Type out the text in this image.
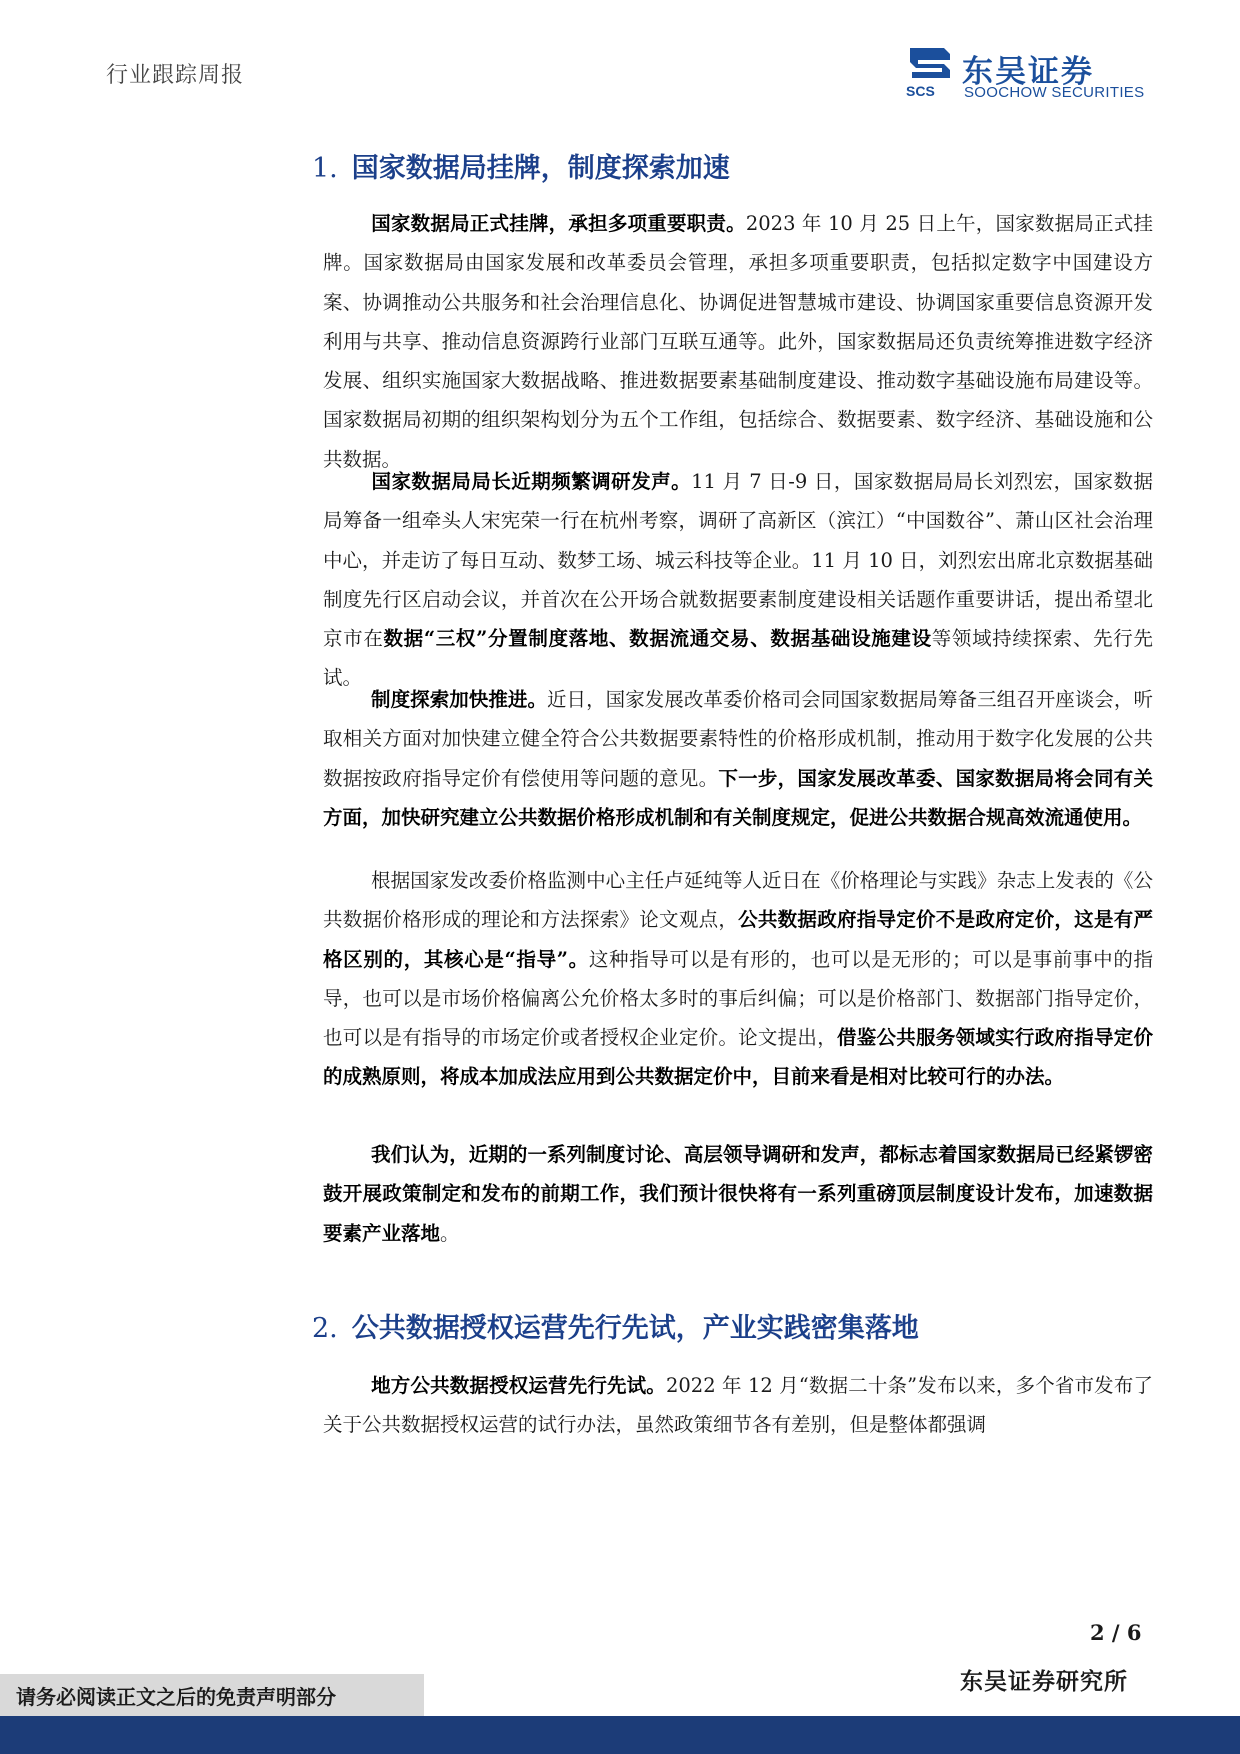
行业跟踪周报
SCS
东吴证券
SOOCHOW SECURITIES
1. 国家数据局挂牌，制度探索加速

国家数据局正式挂牌，承担多项重要职责。2023 年 10 月 25 日上午，国家数据局正式挂牌。国家数据局由国家发展和改革委员会管理，承担多项重要职责，包括拟定数字中国建设方案、协调推动公共服务和社会治理信息化、协调促进智慧城市建设、协调国家重要信息资源开发利用与共享、推动信息资源跨行业部门互联互通等。此外，国家数据局还负责统筹推进数字经济发展、组织实施国家大数据战略、推进数据要素基础制度建设、推动数字基础设施布局建设等。国家数据局初期的组织架构划分为五个工作组，包括综合、数据要素、数字经济、基础设施和公共数据。

国家数据局局长近期频繁调研发声。11 月 7 日-9 日，国家数据局局长刘烈宏，国家数据局筹备一组牵头人宋宪荣一行在杭州考察，调研了高新区（滨江）“中国数谷”、萧山区社会治理中心，并走访了每日互动、数梦工场、城云科技等企业。11 月 10 日，刘烈宏出席北京数据基础制度先行区启动会议，并首次在公开场合就数据要素制度建设相关话题作重要讲话，提出希望北京市在数据“三权”分置制度落地、数据流通交易、数据基础设施建设等领域持续探索、先行先试。

制度探索加快推进。近日，国家发展改革委价格司会同国家数据局筹备三组召开座谈会，听取相关方面对加快建立健全符合公共数据要素特性的价格形成机制，推动用于数字化发展的公共数据按政府指导定价有偿使用等问题的意见。下一步，国家发展改革委、国家数据局将会同有关方面，加快研究建立公共数据价格形成机制和有关制度规定，促进公共数据合规高效流通使用。

根据国家发改委价格监测中心主任卢延纯等人近日在《价格理论与实践》杂志上发表的《公共数据价格形成的理论和方法探索》论文观点，公共数据政府指导定价不是政府定价，这是有严格区别的，其核心是“指导”。这种指导可以是有形的，也可以是无形的；可以是事前事中的指导，也可以是市场价格偏离公允价格太多时的事后纠偏；可以是价格部门、数据部门指导定价，也可以是有指导的市场定价或者授权企业定价。论文提出，借鉴公共服务领域实行政府指导定价的成熟原则，将成本加成法应用到公共数据定价中，目前来看是相对比较可行的办法。

我们认为，近期的一系列制度讨论、高层领导调研和发声，都标志着国家数据局已经紧锣密鼓开展政策制定和发布的前期工作，我们预计很快将有一系列重磅顶层制度设计发布，加速数据要素产业落地。

2. 公共数据授权运营先行先试，产业实践密集落地

地方公共数据授权运营先行先试。2022 年 12 月“数据二十条”发布以来，多个省市发布了关于公共数据授权运营的试行办法，虽然政策细节各有差别，但是整体都强调

2 / 6
请务必阅读正文之后的免责声明部分
东吴证券研究所
